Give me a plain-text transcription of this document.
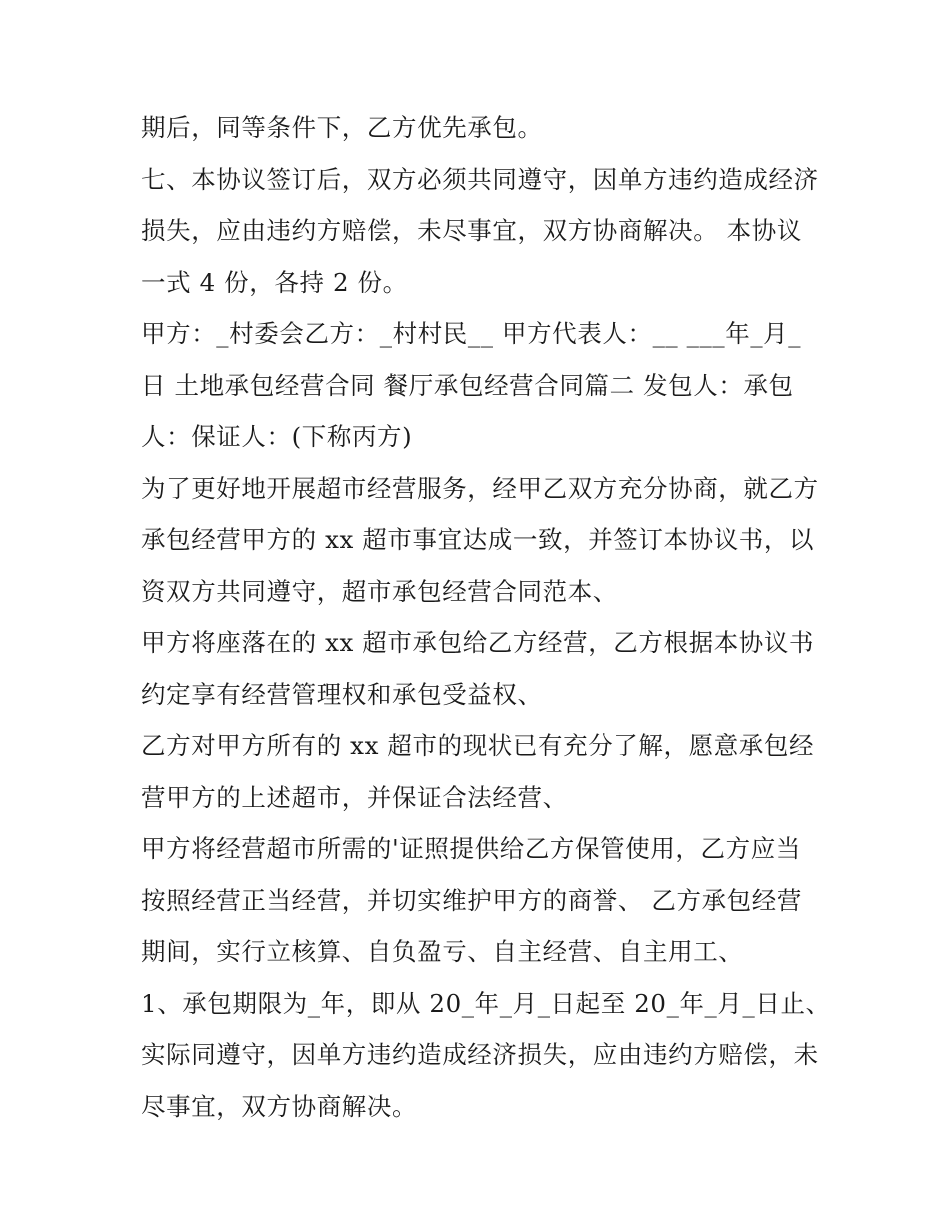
期后，同等条件下，乙方优先承包。
七、本协议签订后，双方必须共同遵守，因单方违约造成经济
损失，应由违约方赔偿，未尽事宜，双方协商解决。 本协议
一式 4 份，各持 2 份。
甲方：_村委会乙方：_村村民__ 甲方代表人：__ ___年_月_
日 土地承包经营合同 餐厅承包经营合同篇二 发包人：承包
人：保证人：(下称丙方)
为了更好地开展超市经营服务，经甲乙双方充分协商，就乙方
承包经营甲方的 xx 超市事宜达成一致，并签订本协议书，以
资双方共同遵守，超市承包经营合同范本、
甲方将座落在的 xx 超市承包给乙方经营，乙方根据本协议书
约定享有经营管理权和承包受益权、
乙方对甲方所有的 xx 超市的现状已有充分了解，愿意承包经
营甲方的上述超市，并保证合法经营、
甲方将经营超市所需的'证照提供给乙方保管使用，乙方应当
按照经营正当经营，并切实维护甲方的商誉、 乙方承包经营
期间，实行立核算、自负盈亏、自主经营、自主用工、
1、承包期限为_年，即从 20_年_月_日起至 20_年_月_日止、
实际同遵守，因单方违约造成经济损失，应由违约方赔偿，未
尽事宜，双方协商解决。
